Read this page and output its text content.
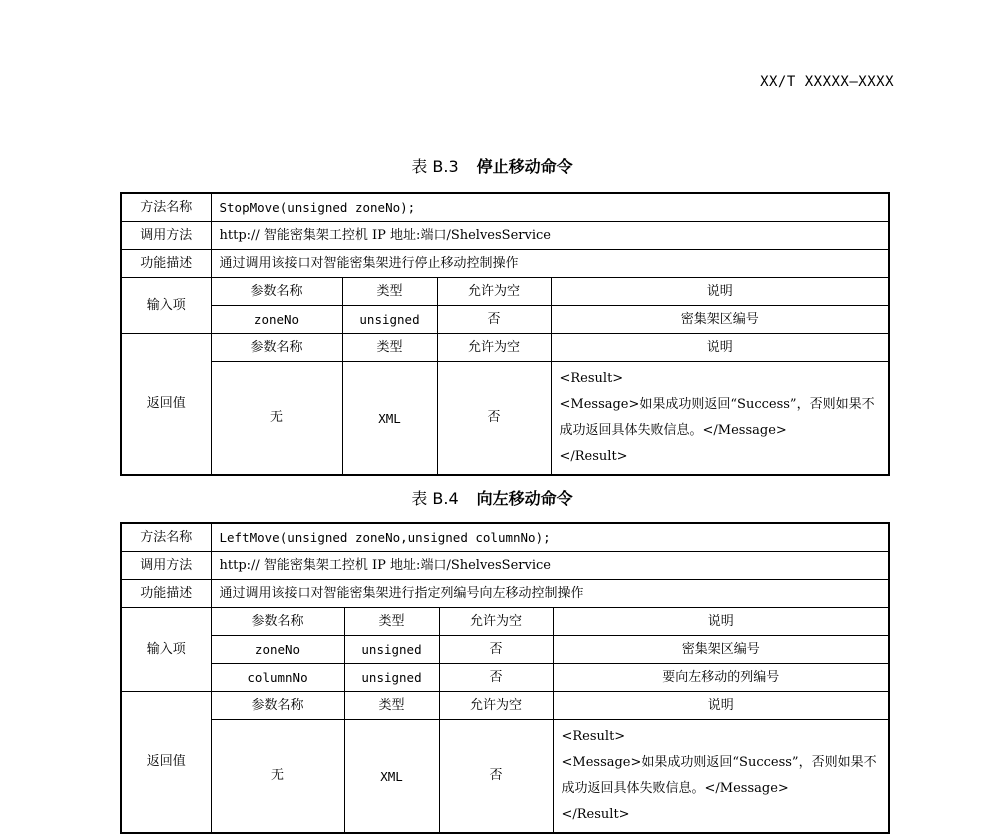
XX/T XXXXX—XXXX
表 B.3 停止移动命令
方法名称	StopMove(unsigned zoneNo);			
调用方法	http:// 智能密集架工控机 IP 地址:端口/ShelvesService			
功能描述	通过调用该接口对智能密集架进行停止移动控制操作			
输入项	参数名称	类型	允许为空	说明
	zoneNo	unsigned	否	密集架区编号
返回值	参数名称	类型	允许为空	说明
	无	XML	否	<Result>
<Message>如果成功则返回“Success”，否则如果不成功返回具体失败信息。</Message>
</Result>
表 B.4 向左移动命令
方法名称	LeftMove(unsigned zoneNo,unsigned columnNo);			
调用方法	http:// 智能密集架工控机 IP 地址:端口/ShelvesService			
功能描述	通过调用该接口对智能密集架进行指定列编号向左移动控制操作			
输入项	参数名称	类型	允许为空	说明
	zoneNo	unsigned	否	密集架区编号
	columnNo	unsigned	否	要向左移动的列编号
返回值	参数名称	类型	允许为空	说明
	无	XML	否	<Result>
<Message>如果成功则返回“Success”，否则如果不成功返回具体失败信息。</Message>
</Result>
